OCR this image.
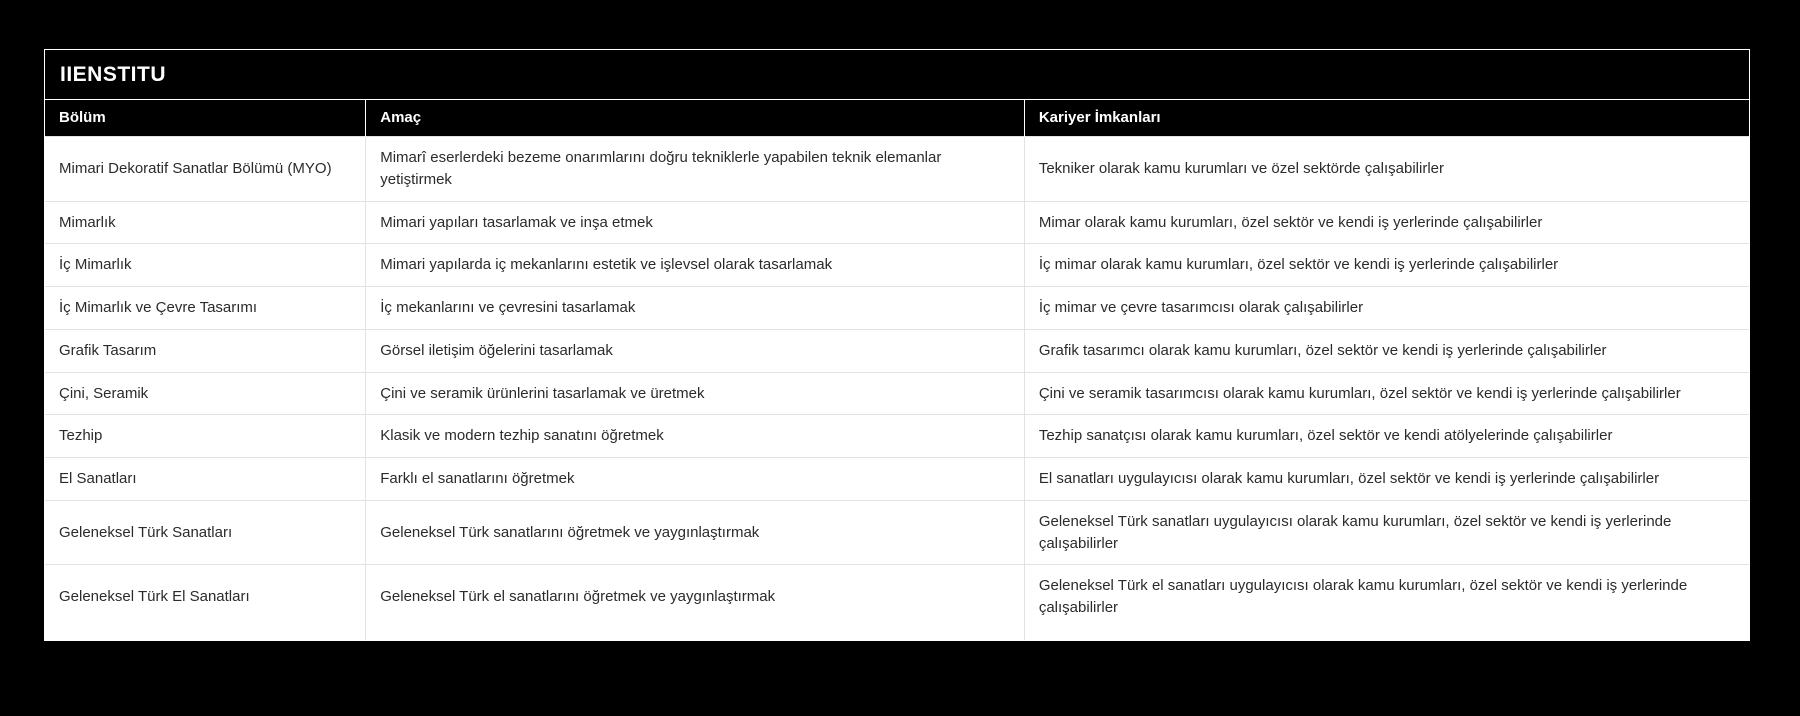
IIENSTITU
Bölüm	Amaç	Kariyer İmkanları
Mimari Dekoratif Sanatlar Bölümü (MYO)	Mimarî eserlerdeki bezeme onarımlarını doğru tekniklerle yapabilen teknik elemanlar yetiştirmek	Tekniker olarak kamu kurumları ve özel sektörde çalışabilirler
Mimarlık	Mimari yapıları tasarlamak ve inşa etmek	Mimar olarak kamu kurumları, özel sektör ve kendi iş yerlerinde çalışabilirler
İç Mimarlık	Mimari yapılarda iç mekanlarını estetik ve işlevsel olarak tasarlamak	İç mimar olarak kamu kurumları, özel sektör ve kendi iş yerlerinde çalışabilirler
İç Mimarlık ve Çevre Tasarımı	İç mekanlarını ve çevresini tasarlamak	İç mimar ve çevre tasarımcısı olarak çalışabilirler
Grafik Tasarım	Görsel iletişim öğelerini tasarlamak	Grafik tasarımcı olarak kamu kurumları, özel sektör ve kendi iş yerlerinde çalışabilirler
Çini, Seramik	Çini ve seramik ürünlerini tasarlamak ve üretmek	Çini ve seramik tasarımcısı olarak kamu kurumları, özel sektör ve kendi iş yerlerinde çalışabilirler
Tezhip	Klasik ve modern tezhip sanatını öğretmek	Tezhip sanatçısı olarak kamu kurumları, özel sektör ve kendi atölyelerinde çalışabilirler
El Sanatları	Farklı el sanatlarını öğretmek	El sanatları uygulayıcısı olarak kamu kurumları, özel sektör ve kendi iş yerlerinde çalışabilirler
Geleneksel Türk Sanatları	Geleneksel Türk sanatlarını öğretmek ve yaygınlaştırmak	Geleneksel Türk sanatları uygulayıcısı olarak kamu kurumları, özel sektör ve kendi iş yerlerinde çalışabilirler
Geleneksel Türk El Sanatları	Geleneksel Türk el sanatlarını öğretmek ve yaygınlaştırmak	Geleneksel Türk el sanatları uygulayıcısı olarak kamu kurumları, özel sektör ve kendi iş yerlerinde çalışabilirler
